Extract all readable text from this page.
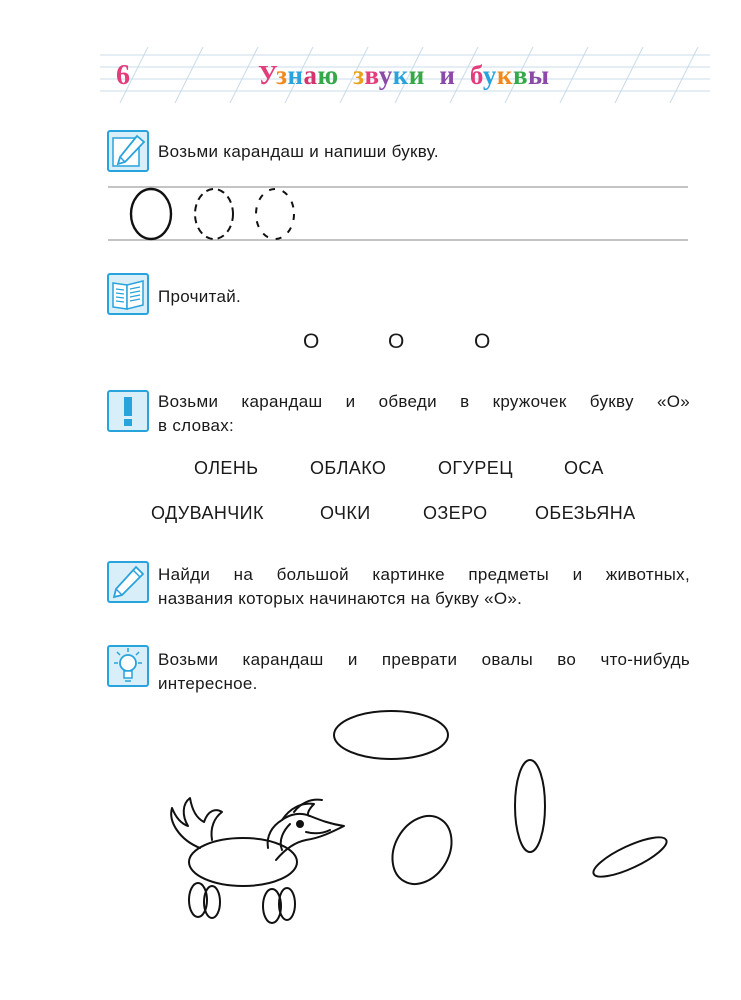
6	Узнаю звуки и буквы
Возьми карандаш и напиши букву.
Прочитай.
О	О	О
Возьми карандаш и обведи в кружочек букву «О»
в словах:
ОЛЕНЬ	ОБЛАКО	ОГУРЕЦ	ОСА
ОДУВАНЧИК	ОЧКИ	ОЗЕРО	ОБЕЗЬЯНА
Найди на большой картинке предметы и животных,
названия которых начинаются на букву «О».
Возьми карандаш и преврати овалы во что-нибудь
интересное.
